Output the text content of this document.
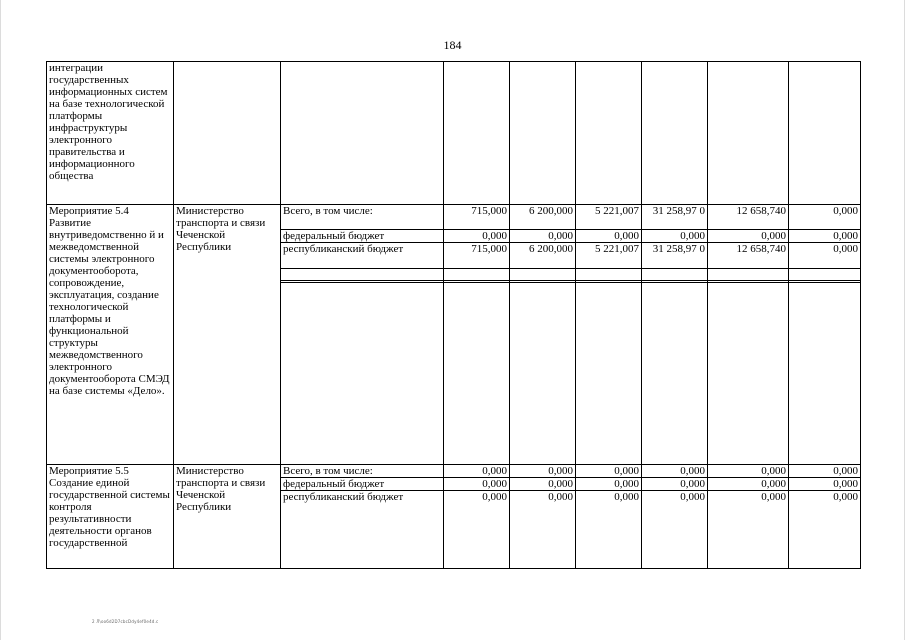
184
интеграции государственных информационных систем на базе технологической платформы инфраструктуры электронного правительства и информационного общества								
Мероприятие 5.4 Развитие внутриведомственно й и межведомственной системы электронного документооборота, сопровождение, эксплуатация, создание технологической платформы и функциональной структуры межведомственного электронного документооборота СМЭД на базе системы «Дело».	Министерство транспорта и связи Чеченской Республики	Всего, в том числе:	715,000	6 200,000	5 221,007	31 258,97 0	12 658,740	0,000
		федеральный бюджет	0,000	0,000	0,000	0,000	0,000	0,000
		республиканский бюджет	715,000	6 200,000	5 221,007	31 258,97 0	12 658,740	0,000

Мероприятие 5.5 Создание единой государственной системы контроля результативности деятельности органов государственной	Министерство транспорта и связи Чеченской Республики	Всего, в том числе:	0,000	0,000	0,000	0,000	0,000	0,000
		федеральный бюджет	0,000	0,000	0,000	0,000	0,000	0,000
		республиканский бюджет	0,000	0,000	0,000	0,000	0,000	0,000
2 Л\oo6d2D7cbcDdy4ef0e4d.c
